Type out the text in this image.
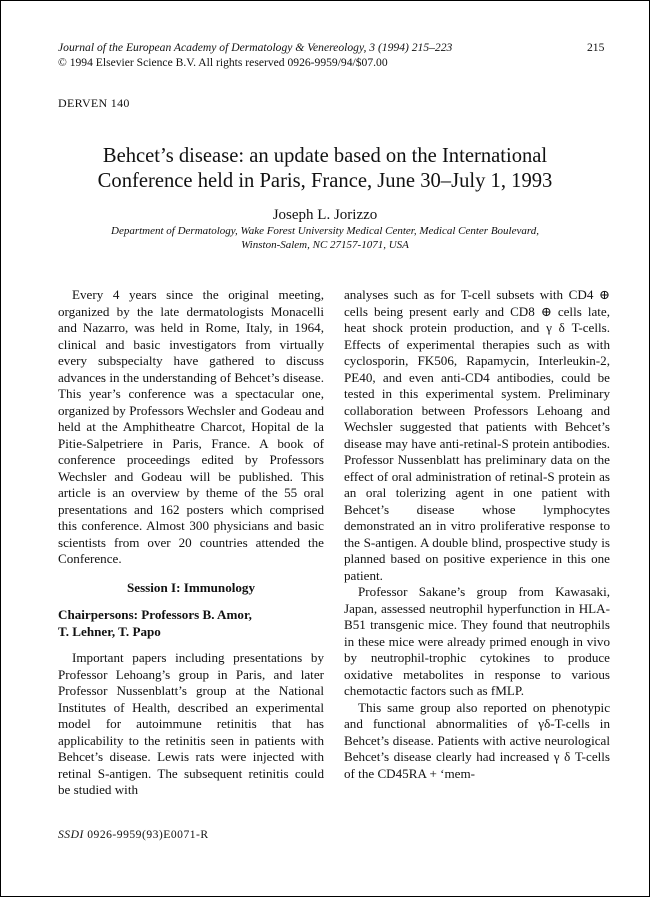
Journal of the European Academy of Dermatology & Venereology, 3 (1994) 215–223
© 1994 Elsevier Science B.V. All rights reserved 0926-9959/94/$07.00
215
DERVEN 140
Behcet’s disease: an update based on the International
Conference held in Paris, France, June 30–July 1, 1993
Joseph L. Jorizzo
Department of Dermatology, Wake Forest University Medical Center, Medical Center Boulevard,
Winston-Salem, NC 27157-1071, USA

Every 4 years since the original meeting, organized by the late dermatologists Monacelli and Nazarro, was held in Rome, Italy, in 1964, clinical and basic investigators from virtually every subspecialty have gathered to discuss advances in the understanding of Behcet’s disease. This year’s conference was a spectacular one, organized by Professors Wechsler and Godeau and held at the Amphitheatre Charcot, Hopital de la Pitie-Salpetriere in Paris, France. A book of conference proceedings edited by Professors Wechsler and Godeau will be published. This article is an overview by theme of the 55 oral presentations and 162 posters which comprised this conference. Almost 300 physicians and basic scientists from over 20 countries attended the Conference.

Session I: Immunology
Chairpersons: Professors B. Amor,
T. Lehner, T. Papo

Important papers including presentations by Professor Lehoang’s group in Paris, and later Professor Nussenblatt’s group at the National Institutes of Health, described an experimental model for autoimmune retinitis that has applicability to the retinitis seen in patients with Behcet’s disease. Lewis rats were injected with retinal S-antigen. The subsequent retinitis could be studied with

analyses such as for T-cell subsets with CD4 ⊕ cells being present early and CD8 ⊕ cells late, heat shock protein production, and γ δ T-cells. Effects of experimental therapies such as with cyclosporin, FK506, Rapamycin, Interleukin-2, PE40, and even anti-CD4 antibodies, could be tested in this experimental system. Preliminary collaboration between Professors Lehoang and Wechsler suggested that patients with Behcet’s disease may have anti-retinal-S protein antibodies. Professor Nussenblatt has preliminary data on the effect of oral administration of retinal-S protein as an oral tolerizing agent in one patient with Behcet’s disease whose lymphocytes demonstrated an in vitro proliferative response to the S-antigen. A double blind, prospective study is planned based on positive experience in this one patient.

Professor Sakane’s group from Kawasaki, Japan, assessed neutrophil hyperfunction in HLA-B51 transgenic mice. They found that neutrophils in these mice were already primed enough in vivo by neutrophil-trophic cytokines to produce oxidative metabolites in response to various chemotactic factors such as fMLP.

This same group also reported on phenotypic and functional abnormalities of γδ-T-cells in Behcet’s disease. Patients with active neurological Behcet’s disease clearly had increased γ δ T-cells of the CD45RA + ‘mem-

SSDI 0926-9959(93)E0071-R
